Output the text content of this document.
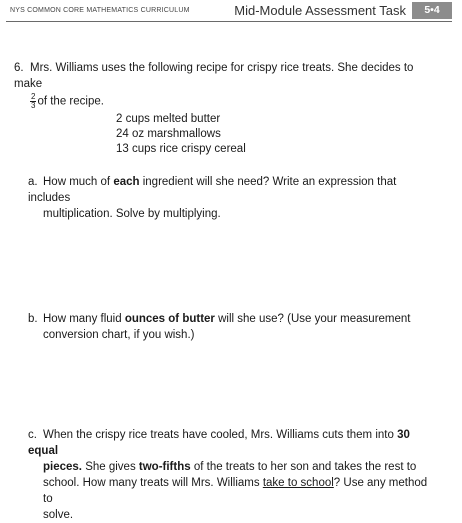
NYS COMMON CORE MATHEMATICS CURRICULUM	Mid-Module Assessment Task	5•4
6. Mrs. Williams uses the following recipe for crispy rice treats. She decides to make
$\frac{2}{3}$ of the recipe.
2 cups melted butter
24 oz marshmallows
13 cups rice crispy cereal
a. How much of each ingredient will she need? Write an expression that includes
multiplication. Solve by multiplying.
b. How many fluid ounces of butter will she use? (Use your measurement
conversion chart, if you wish.)
c. When the crispy rice treats have cooled, Mrs. Williams cuts them into 30 equal
pieces. She gives two-fifths of the treats to her son and takes the rest to
school. How many treats will Mrs. Williams take to school? Use any method to
solve.
